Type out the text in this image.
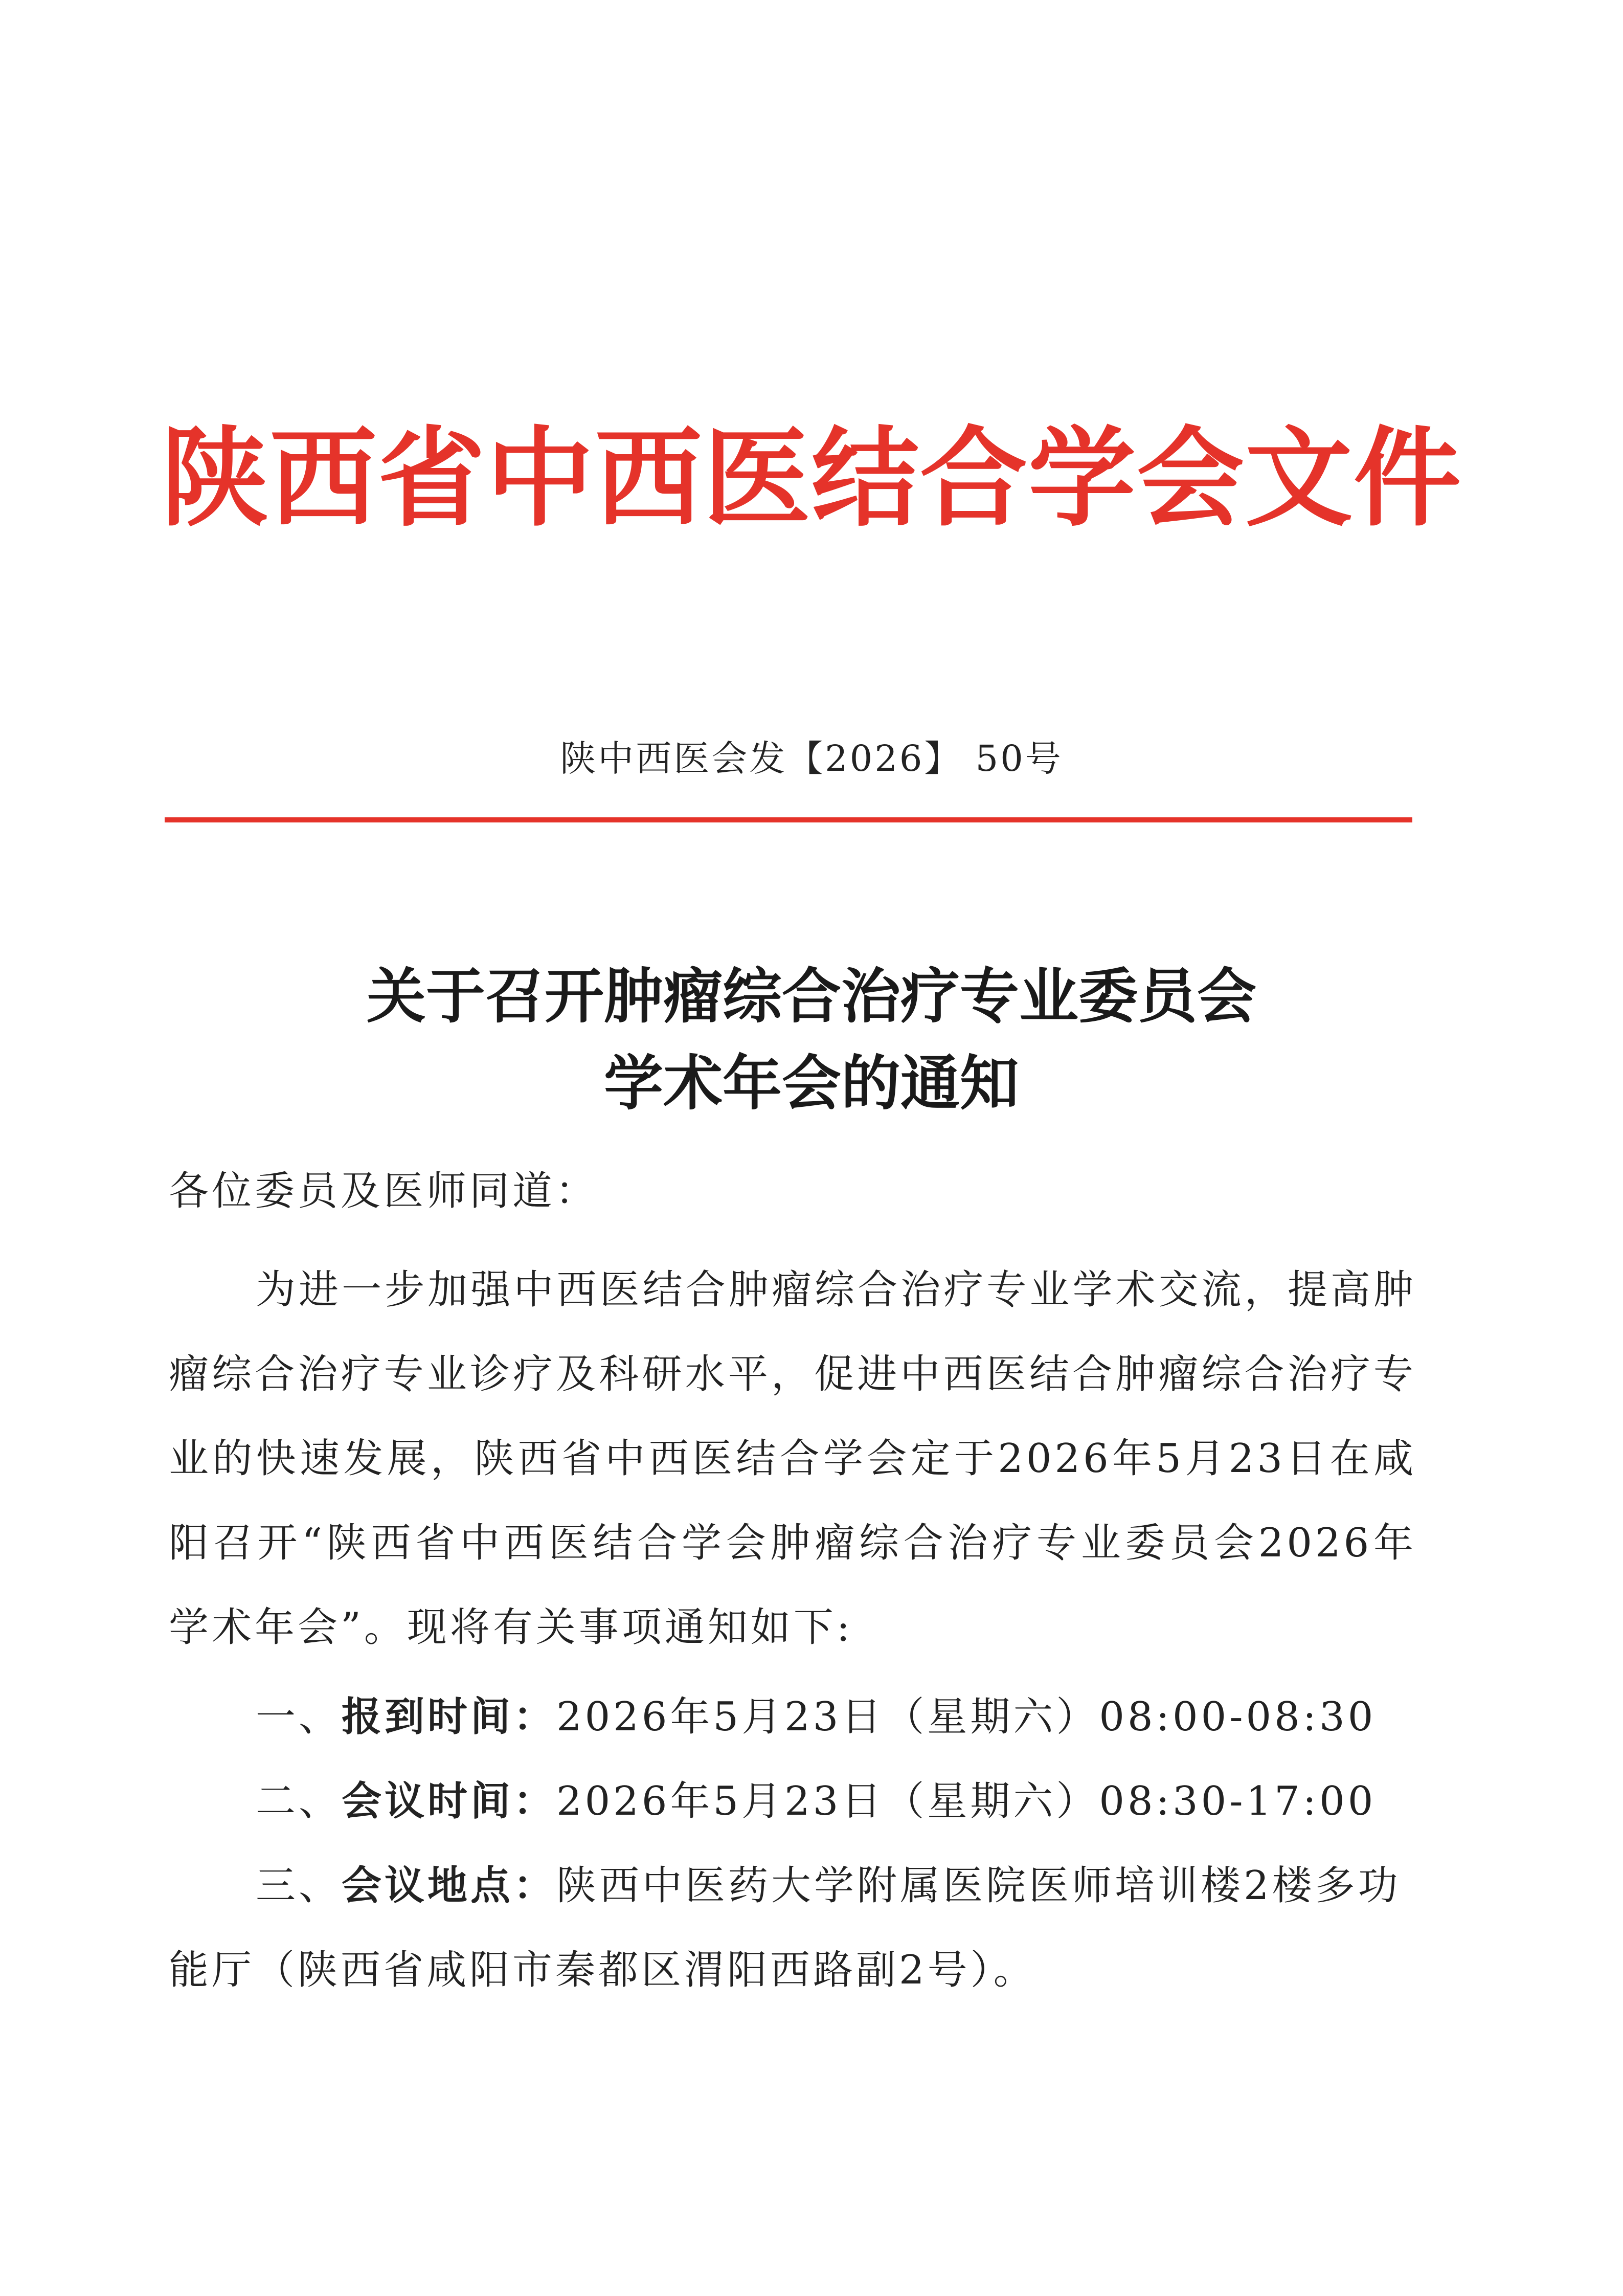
陕西省中西医结合学会文件
陕中西医会发【2026】 50号
关于召开肿瘤综合治疗专业委员会
学术年会的通知
各位委员及医师同道：
为进一步加强中西医结合肿瘤综合治疗专业学术交流，提高肿瘤综合治疗专业诊疗及科研水平，促进中西医结合肿瘤综合治疗专业的快速发展，陕西省中西医结合学会定于2026年5月23日在咸阳召开“陕西省中西医结合学会肿瘤综合治疗专业委员会2026年学术年会”。现将有关事项通知如下:
一、报到时间：2026年5月23日（星期六）08:00-08:30
二、会议时间：2026年5月23日（星期六）08:30-17:00
三、会议地点：陕西中医药大学附属医院医师培训楼2楼多功能厅（陕西省咸阳市秦都区渭阳西路副2号）。
